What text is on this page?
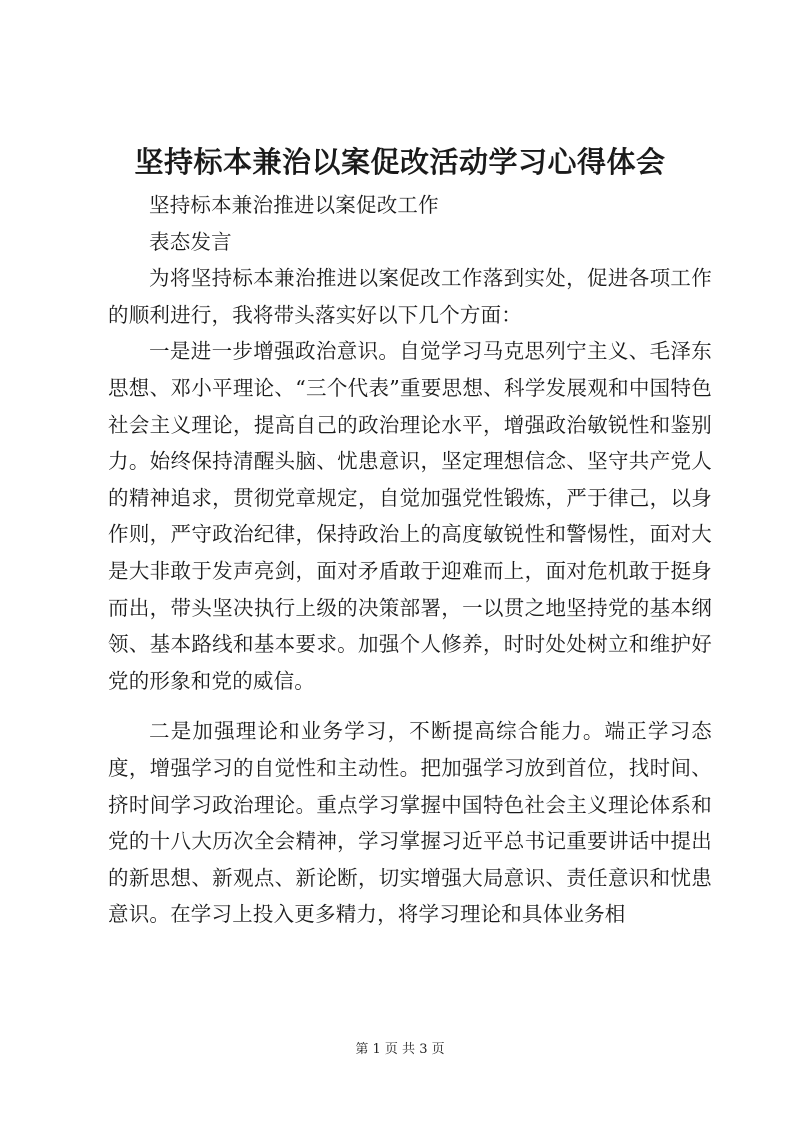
坚持标本兼治以案促改活动学习心得体会

坚持标本兼治推进以案促改工作

表态发言

为将坚持标本兼治推进以案促改工作落到实处，促进各项工作的顺利进行，我将带头落实好以下几个方面：

一是进一步增强政治意识。自觉学习马克思列宁主义、毛泽东思想、邓小平理论、“三个代表”重要思想、科学发展观和中国特色社会主义理论，提高自己的政治理论水平，增强政治敏锐性和鉴别力。始终保持清醒头脑、忧患意识，坚定理想信念、坚守共产党人的精神追求，贯彻党章规定，自觉加强党性锻炼，严于律己，以身作则，严守政治纪律，保持政治上的高度敏锐性和警惕性，面对大是大非敢于发声亮剑，面对矛盾敢于迎难而上，面对危机敢于挺身而出，带头坚决执行上级的决策部署，一以贯之地坚持党的基本纲领、基本路线和基本要求。加强个人修养，时时处处树立和维护好党的形象和党的威信。

二是加强理论和业务学习，不断提高综合能力。端正学习态度，增强学习的自觉性和主动性。把加强学习放到首位，找时间、挤时间学习政治理论。重点学习掌握中国特色社会主义理论体系和党的十八大历次全会精神，学习掌握习近平总书记重要讲话中提出的新思想、新观点、新论断，切实增强大局意识、责任意识和忧患意识。在学习上投入更多精力，将学习理论和具体业务相

第 1 页 共 3 页
